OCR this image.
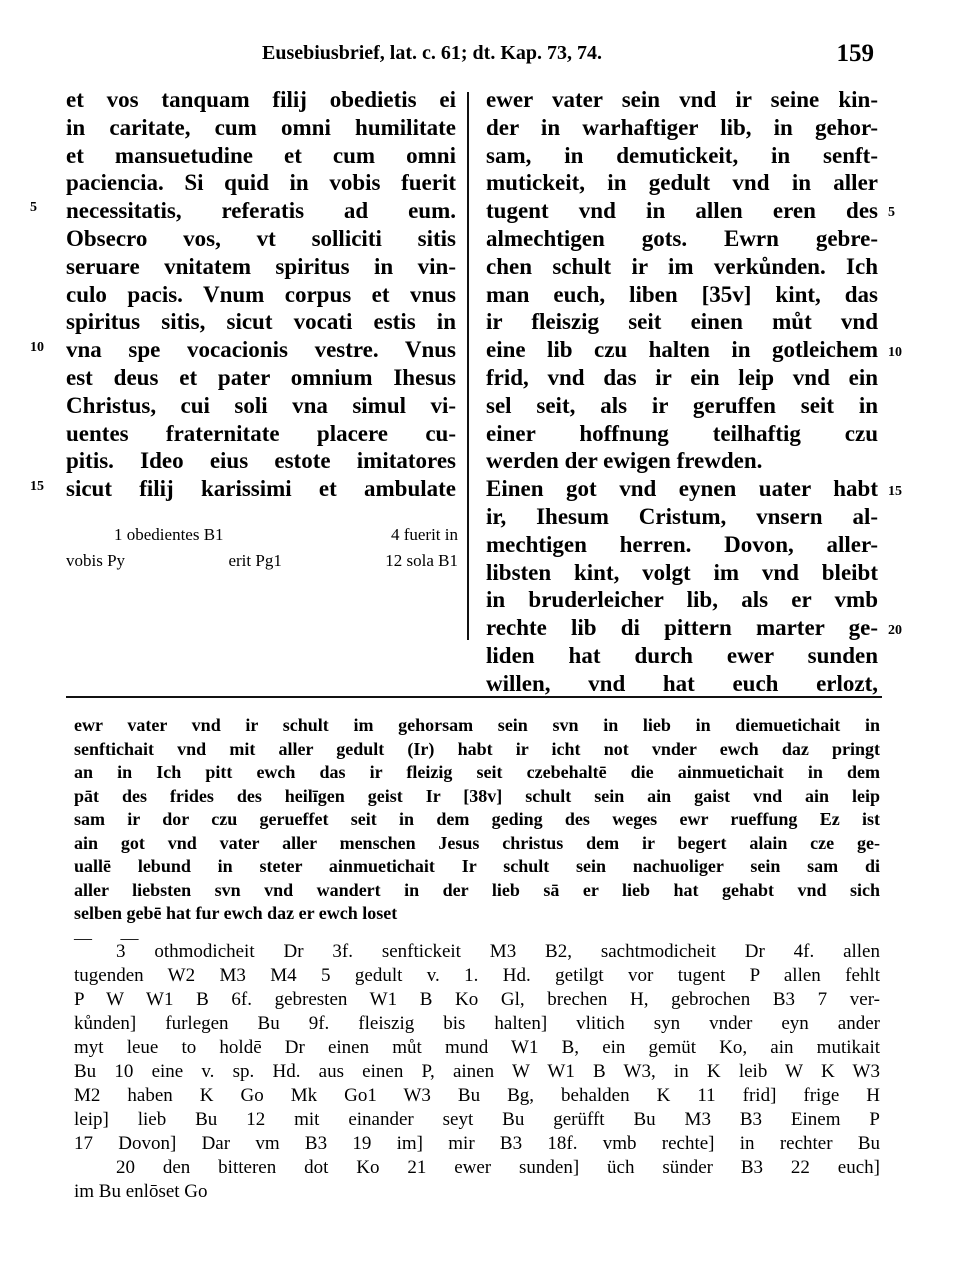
Eusebiusbrief, lat. c. 61; dt. Kap. 73, 74.	159
et vos tanquam filij obedietis ei
in caritate, cum omni humilitate
et mansuetudine et cum omni
paciencia. Si quid in vobis fuerit
necessitatis, referatis ad eum.
Obsecro vos, vt solliciti sitis
seruare vnitatem spiritus in vin-
culo pacis. Vnum corpus et vnus
spiritus sitis, sicut vocati estis in
vna spe vocacionis vestre. Vnus
est deus et pater omnium Ihesus
Christus, cui soli vna simul vi-
uentes fraternitate placere cu-
pitis. Ideo eius estote imitatores
sicut filij karissimi et ambulate
5
10
15
ewer vater sein vnd ir seine kin-
der in warhaftiger lib, in gehor-
sam, in demutickeit, in senft-
mutickeit, in gedult vnd in aller
tugent vnd in allen eren des
almechtigen gots. Ewrn gebre-
chen schult ir im verkůnden. Ich
man euch, liben [35v] kint, das
ir fleiszig seit einen můt vnd
eine lib czu halten in gotleichem
frid, vnd das ir ein leip vnd ein
sel seit, als ir geruffen seit in
einer hoffnung teilhaftig czu
werden der ewigen frewden.
Einen got vnd eynen uater habt
ir, Ihesum Cristum, vnsern al-
mechtigen herren. Dovon, aller-
libsten kint, volgt im vnd bleibt
in bruderleicher lib, als er vmb
rechte lib di pittern marter ge-
liden hat durch ewer sunden
willen, vnd hat euch erlozt,
5
10
15
20
1 obedientes B1	4 fuerit in
vobis Py	erit Pg1	12 sola B1
ewr vater vnd ir schult im gehorsam sein svn in lieb in diemuetichait in
senftichait vnd mit aller gedult (Ir) habt ir icht not vnder ewch daz pringt
an in Ich pitt ewch das ir fleizig seit czebehaltē die ainmuetichait in dem
pāt des frides des heilīgen geist Ir [38v] schult sein ain gaist vnd ain leip
sam ir dor czu gerueffet seit in dem geding des weges ewr rueffung Ez ist
ain got vnd vater aller menschen Jesus christus dem ir begert alain cze ge-
uallē lebund in steter ainmuetichait Ir schult sein nachuoliger sein sam di
aller liebsten svn vnd wandert in der lieb sā er lieb hat gehabt vnd sich
selben gebē hat fur ewch daz er ewch loset
— —
3 othmodicheit Dr 3f. senftickeit M3 B2, sachtmodicheit Dr 4f. allen
tugenden W2 M3 M4 5 gedult v. 1. Hd. getilgt vor tugent P allen fehlt
P W W1 B 6f. gebresten W1 B Ko Gl, brechen H, gebrochen B3 7 ver-
kůnden] furlegen Bu 9f. fleiszig bis halten] vlitich syn vnder eyn ander
myt leue to holdē Dr einen můt mund W1 B, ein gemüt Ko, ain mutikait
Bu 10 eine v. sp. Hd. aus einen P, ainen W W1 B W3, in K leib W K W3
M2 haben K Go Mk Go1 W3 Bu Bg, behalden K 11 frid] frige H
leip] lieb Bu 12 mit einander seyt Bu gerüfft Bu M3 B3 Einem P
17 Dovon] Dar vm B3 19 im] mir B3 18f. vmb rechte] in rechter Bu
20 den bitteren dot Ko 21 ewer sunden] üch sünder B3 22 euch]
im Bu enlōset Go
